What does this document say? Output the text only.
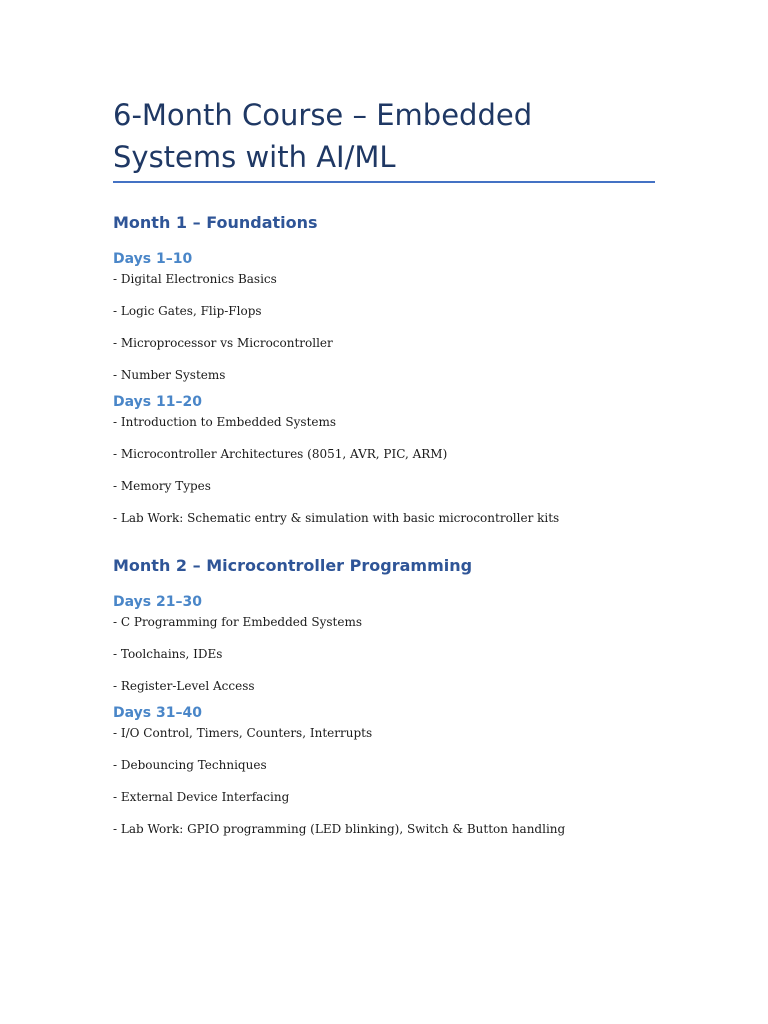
6-Month Course – Embedded Systems with AI/ML
Month 1 – Foundations
Days 1–10

- Digital Electronics Basics

- Logic Gates, Flip-Flops

- Microprocessor vs Microcontroller

- Number Systems

Days 11–20

- Introduction to Embedded Systems

- Microcontroller Architectures (8051, AVR, PIC, ARM)

- Memory Types

- Lab Work: Schematic entry & simulation with basic microcontroller kits

Month 2 – Microcontroller Programming
Days 21–30

- C Programming for Embedded Systems

- Toolchains, IDEs

- Register-Level Access

Days 31–40

- I/O Control, Timers, Counters, Interrupts

- Debouncing Techniques

- External Device Interfacing

- Lab Work: GPIO programming (LED blinking), Switch & Button handling
